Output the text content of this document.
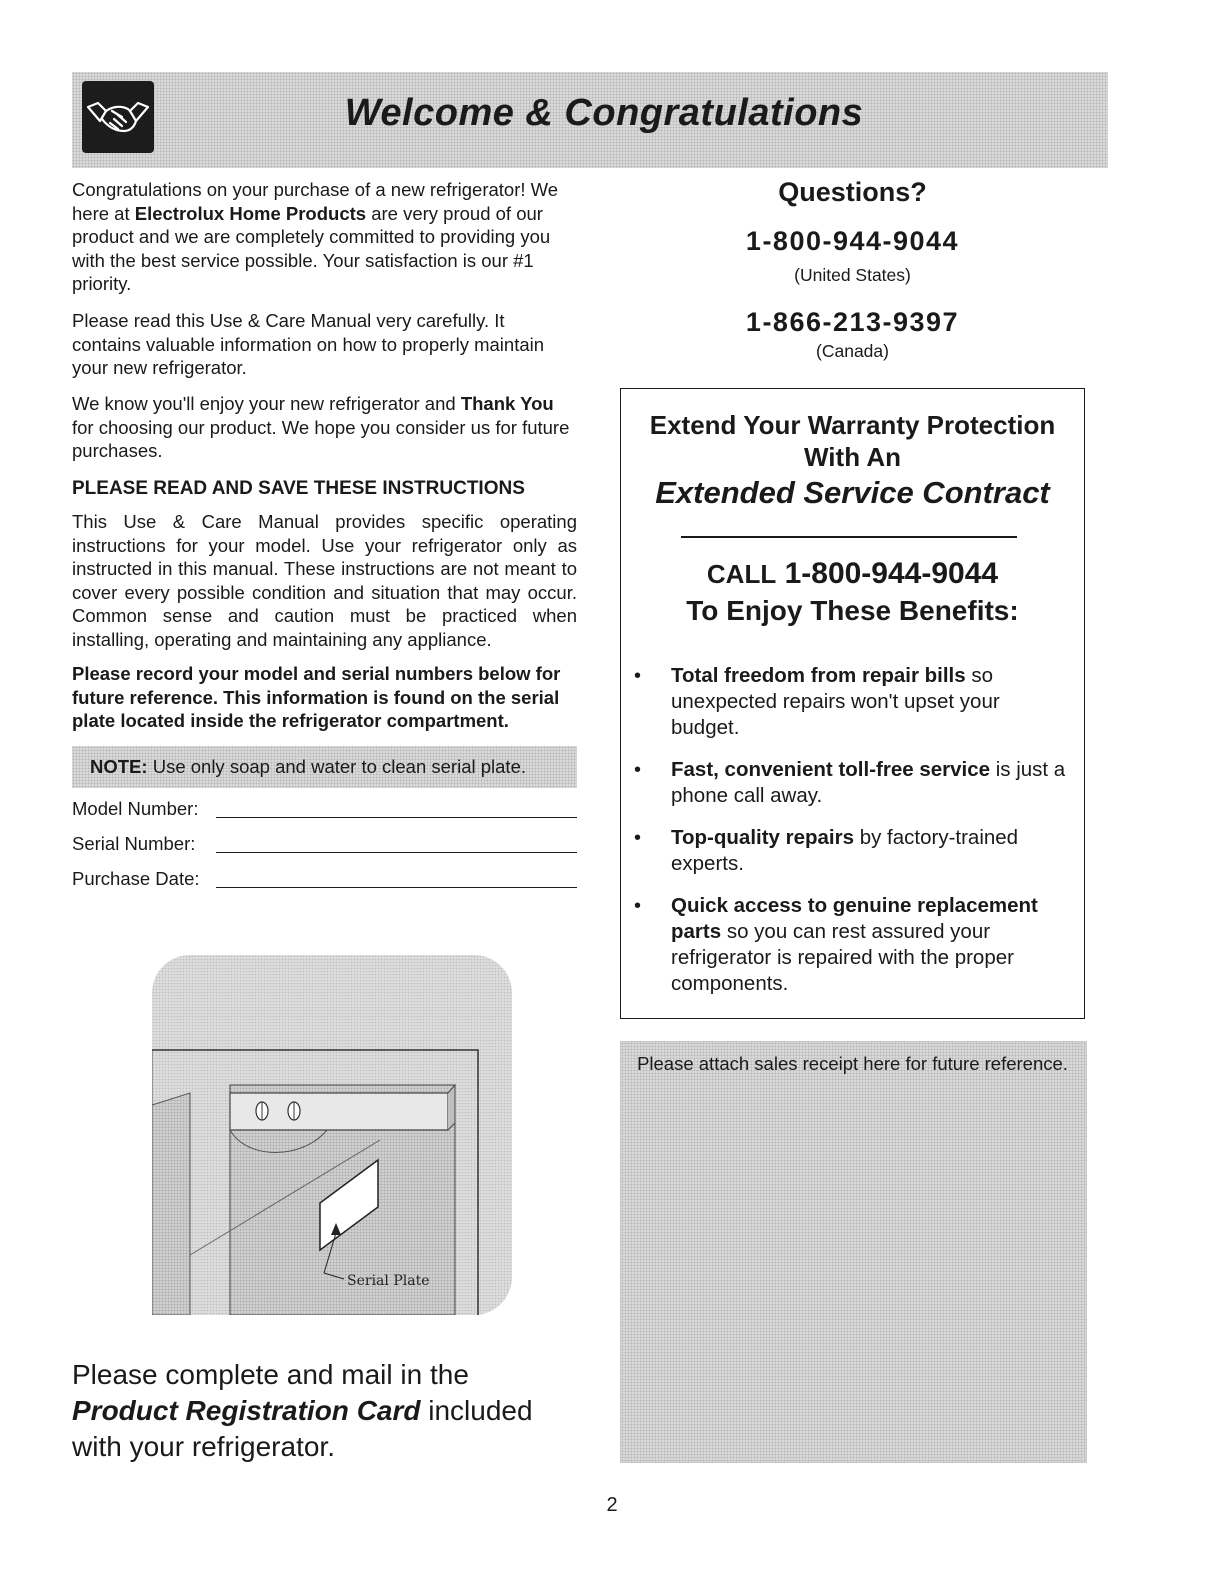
Welcome & Congratulations

Congratulations on your purchase of a new refrigerator! We here at Electrolux Home Products are very proud of our product and we are completely committed to providing you with the best service possible. Your satisfaction is our #1 priority.

Please read this Use & Care Manual very carefully. It contains valuable information on how to properly maintain your new refrigerator.

We know you'll enjoy your new refrigerator and Thank You for choosing our product. We hope you consider us for future purchases.

PLEASE READ AND SAVE THESE INSTRUCTIONS

This Use & Care Manual provides specific operating instructions for your model. Use your refrigerator only as instructed in this manual. These instructions are not meant to cover every possible condition and situation that may occur. Common sense and caution must be practiced when installing, operating and maintaining any appliance.

Please record your model and serial numbers below for future reference. This information is found on the serial plate located inside the refrigerator compartment.

NOTE: Use only soap and water to clean serial plate.
Model Number:
Serial Number:
Purchase Date:
Serial Plate

Please complete and mail in the Product Registration Card included with your refrigerator.

Questions?
1-800-944-9044
(United States)
1-866-213-9397
(Canada)
Extend Your Warranty Protection With An
Extended Service Contract
CALL 1-800-944-9044
To Enjoy These Benefits:
• Total freedom from repair bills so unexpected repairs won't upset your budget.
• Fast, convenient toll-free service is just a phone call away.
• Top-quality repairs by factory-trained experts.
• Quick access to genuine replacement parts so you can rest assured your refrigerator is repaired with the proper components.
Please attach sales receipt here for future reference.
2
